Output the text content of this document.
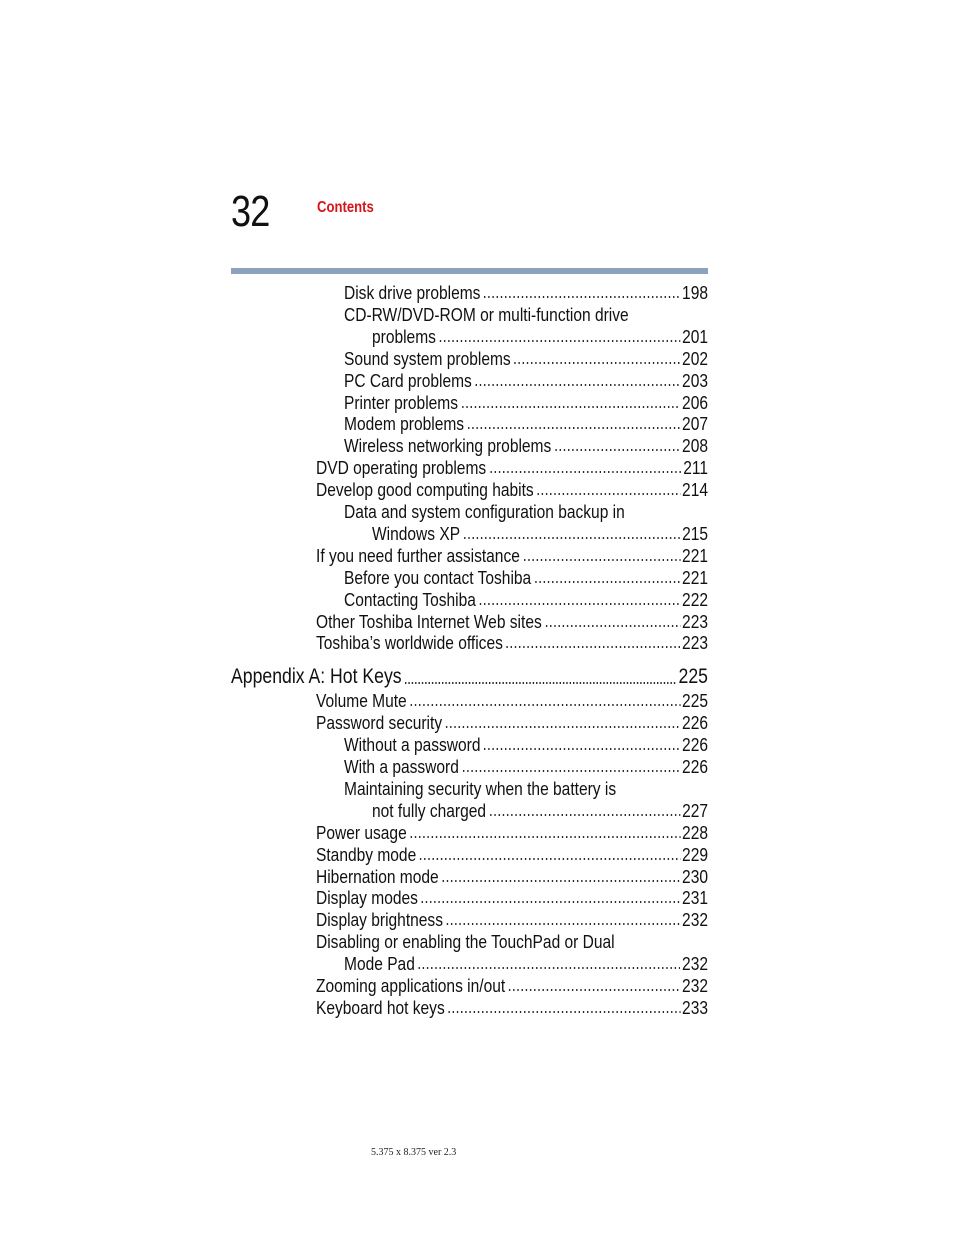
32	Contents
Disk drive problems	198
CD-RW/DVD-ROM or multi-function drive
problems	201
Sound system problems	202
PC Card problems	203
Printer problems	206
Modem problems	207
Wireless networking problems	208
DVD operating problems	211
Develop good computing habits	214
Data and system configuration backup in
Windows XP	215
If you need further assistance	221
Before you contact Toshiba	221
Contacting Toshiba	222
Other Toshiba Internet Web sites	223
Toshiba’s worldwide offices	223
Appendix A: Hot Keys	225
Volume Mute	225
Password security	226
Without a password	226
With a password	226
Maintaining security when the battery is
not fully charged	227
Power usage	228
Standby mode	229
Hibernation mode	230
Display modes	231
Display brightness	232
Disabling or enabling the TouchPad or Dual
Mode Pad	232
Zooming applications in/out	232
Keyboard hot keys	233
5.375 x 8.375 ver 2.3
